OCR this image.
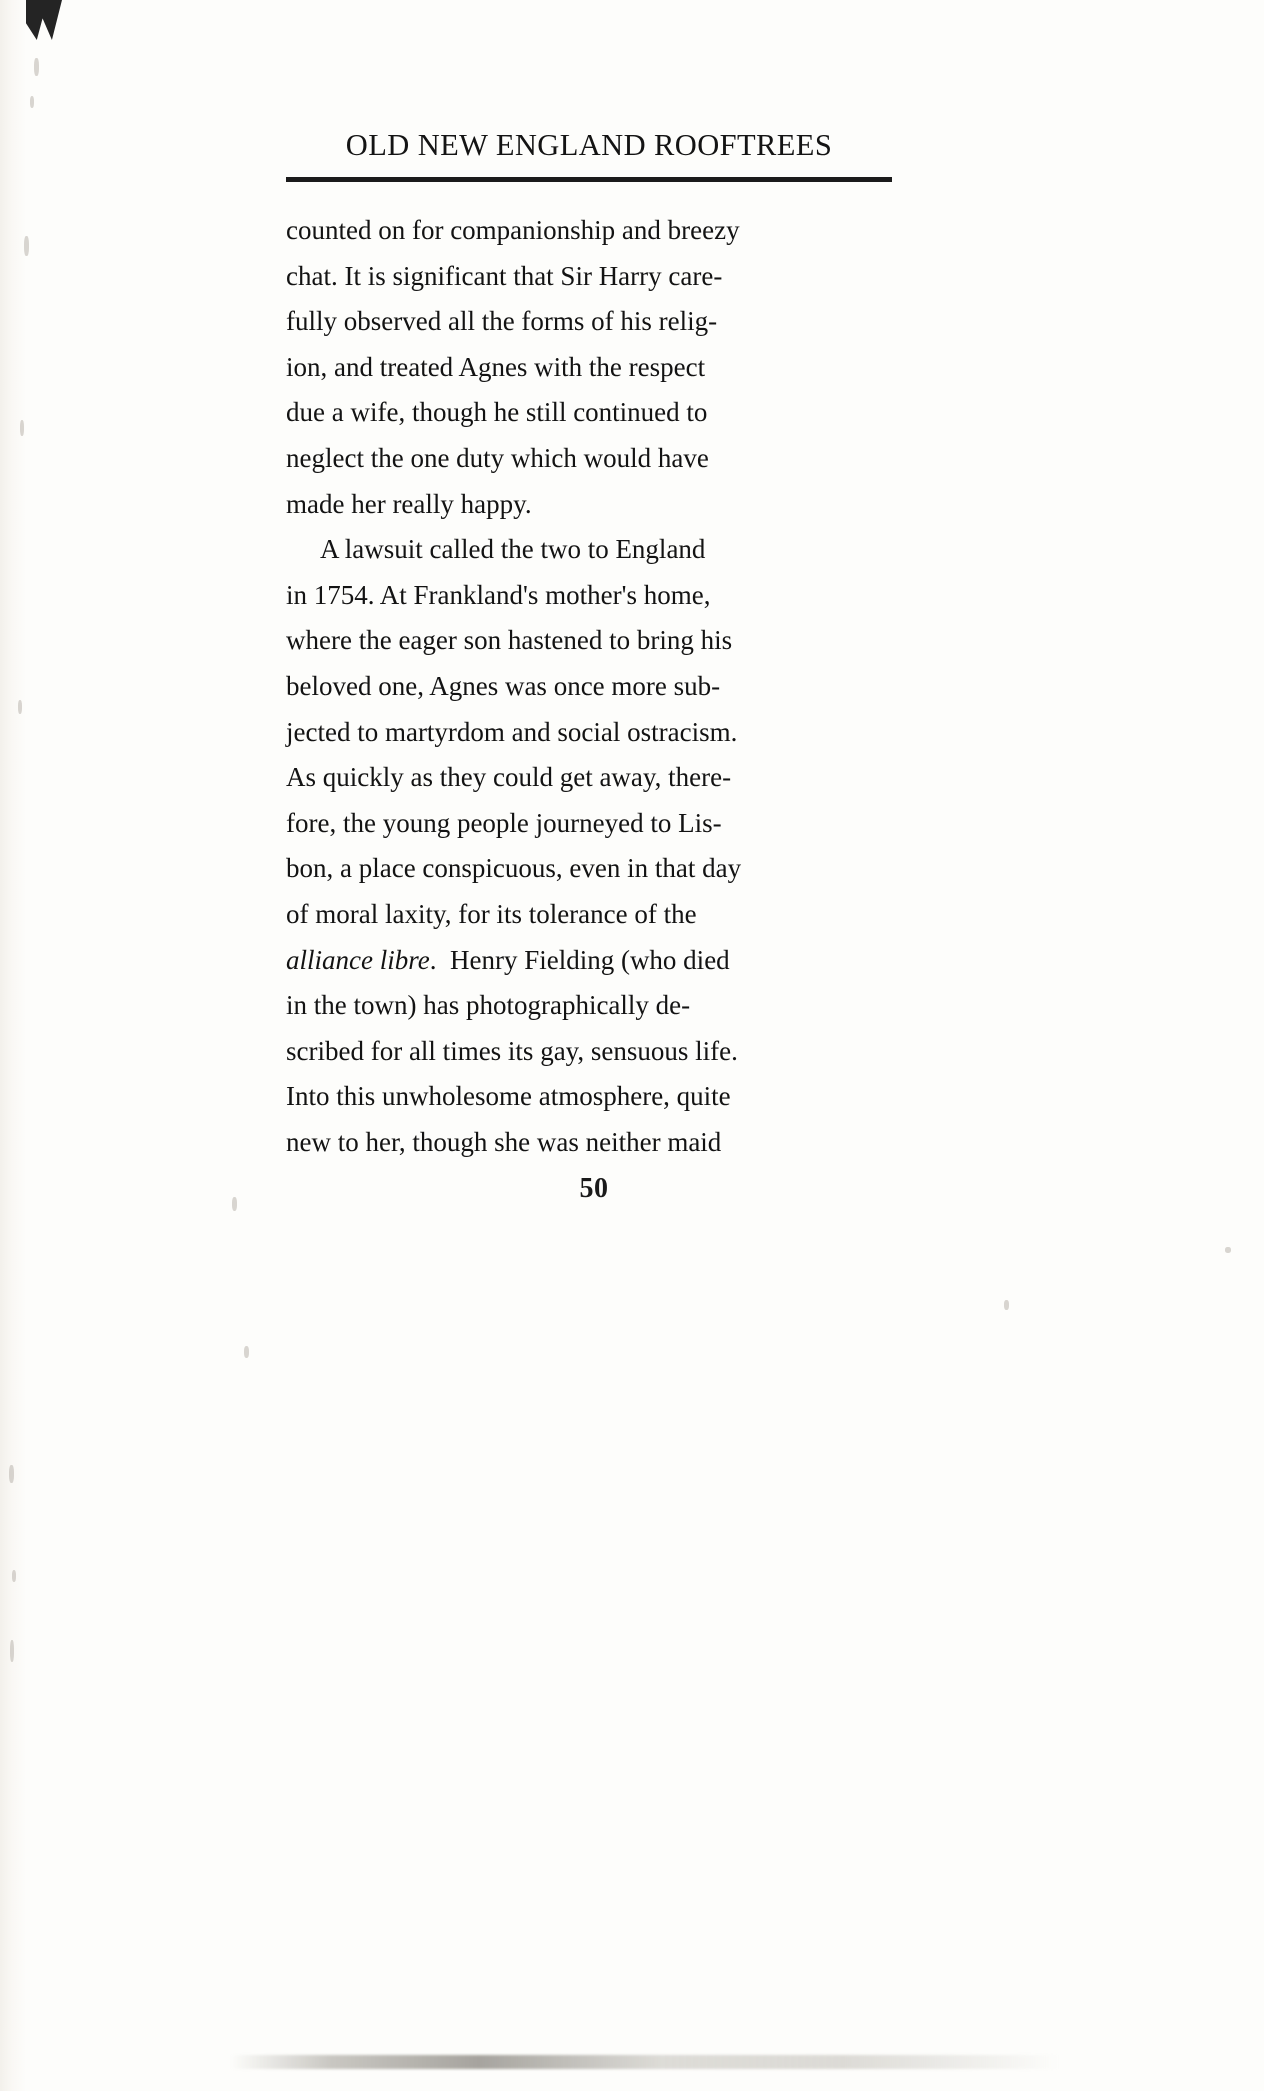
OLD NEW ENGLAND ROOFTREES

counted on for companionship and breezy
chat. It is significant that Sir Harry care-
fully observed all the forms of his relig-
ion, and treated Agnes with the respect
due a wife, though he still continued to
neglect the one duty which would have
made her really happy.

A lawsuit called the two to England
in 1754. At Frankland's mother's home,
where the eager son hastened to bring his
beloved one, Agnes was once more sub-
jected to martyrdom and social ostracism.
As quickly as they could get away, there-
fore, the young people journeyed to Lis-
bon, a place conspicuous, even in that day
of moral laxity, for its tolerance of the
alliance libre.  Henry Fielding (who died
in the town) has photographically de-
scribed for all times its gay, sensuous life.
Into this unwholesome atmosphere, quite
new to her, though she was neither maid

50
